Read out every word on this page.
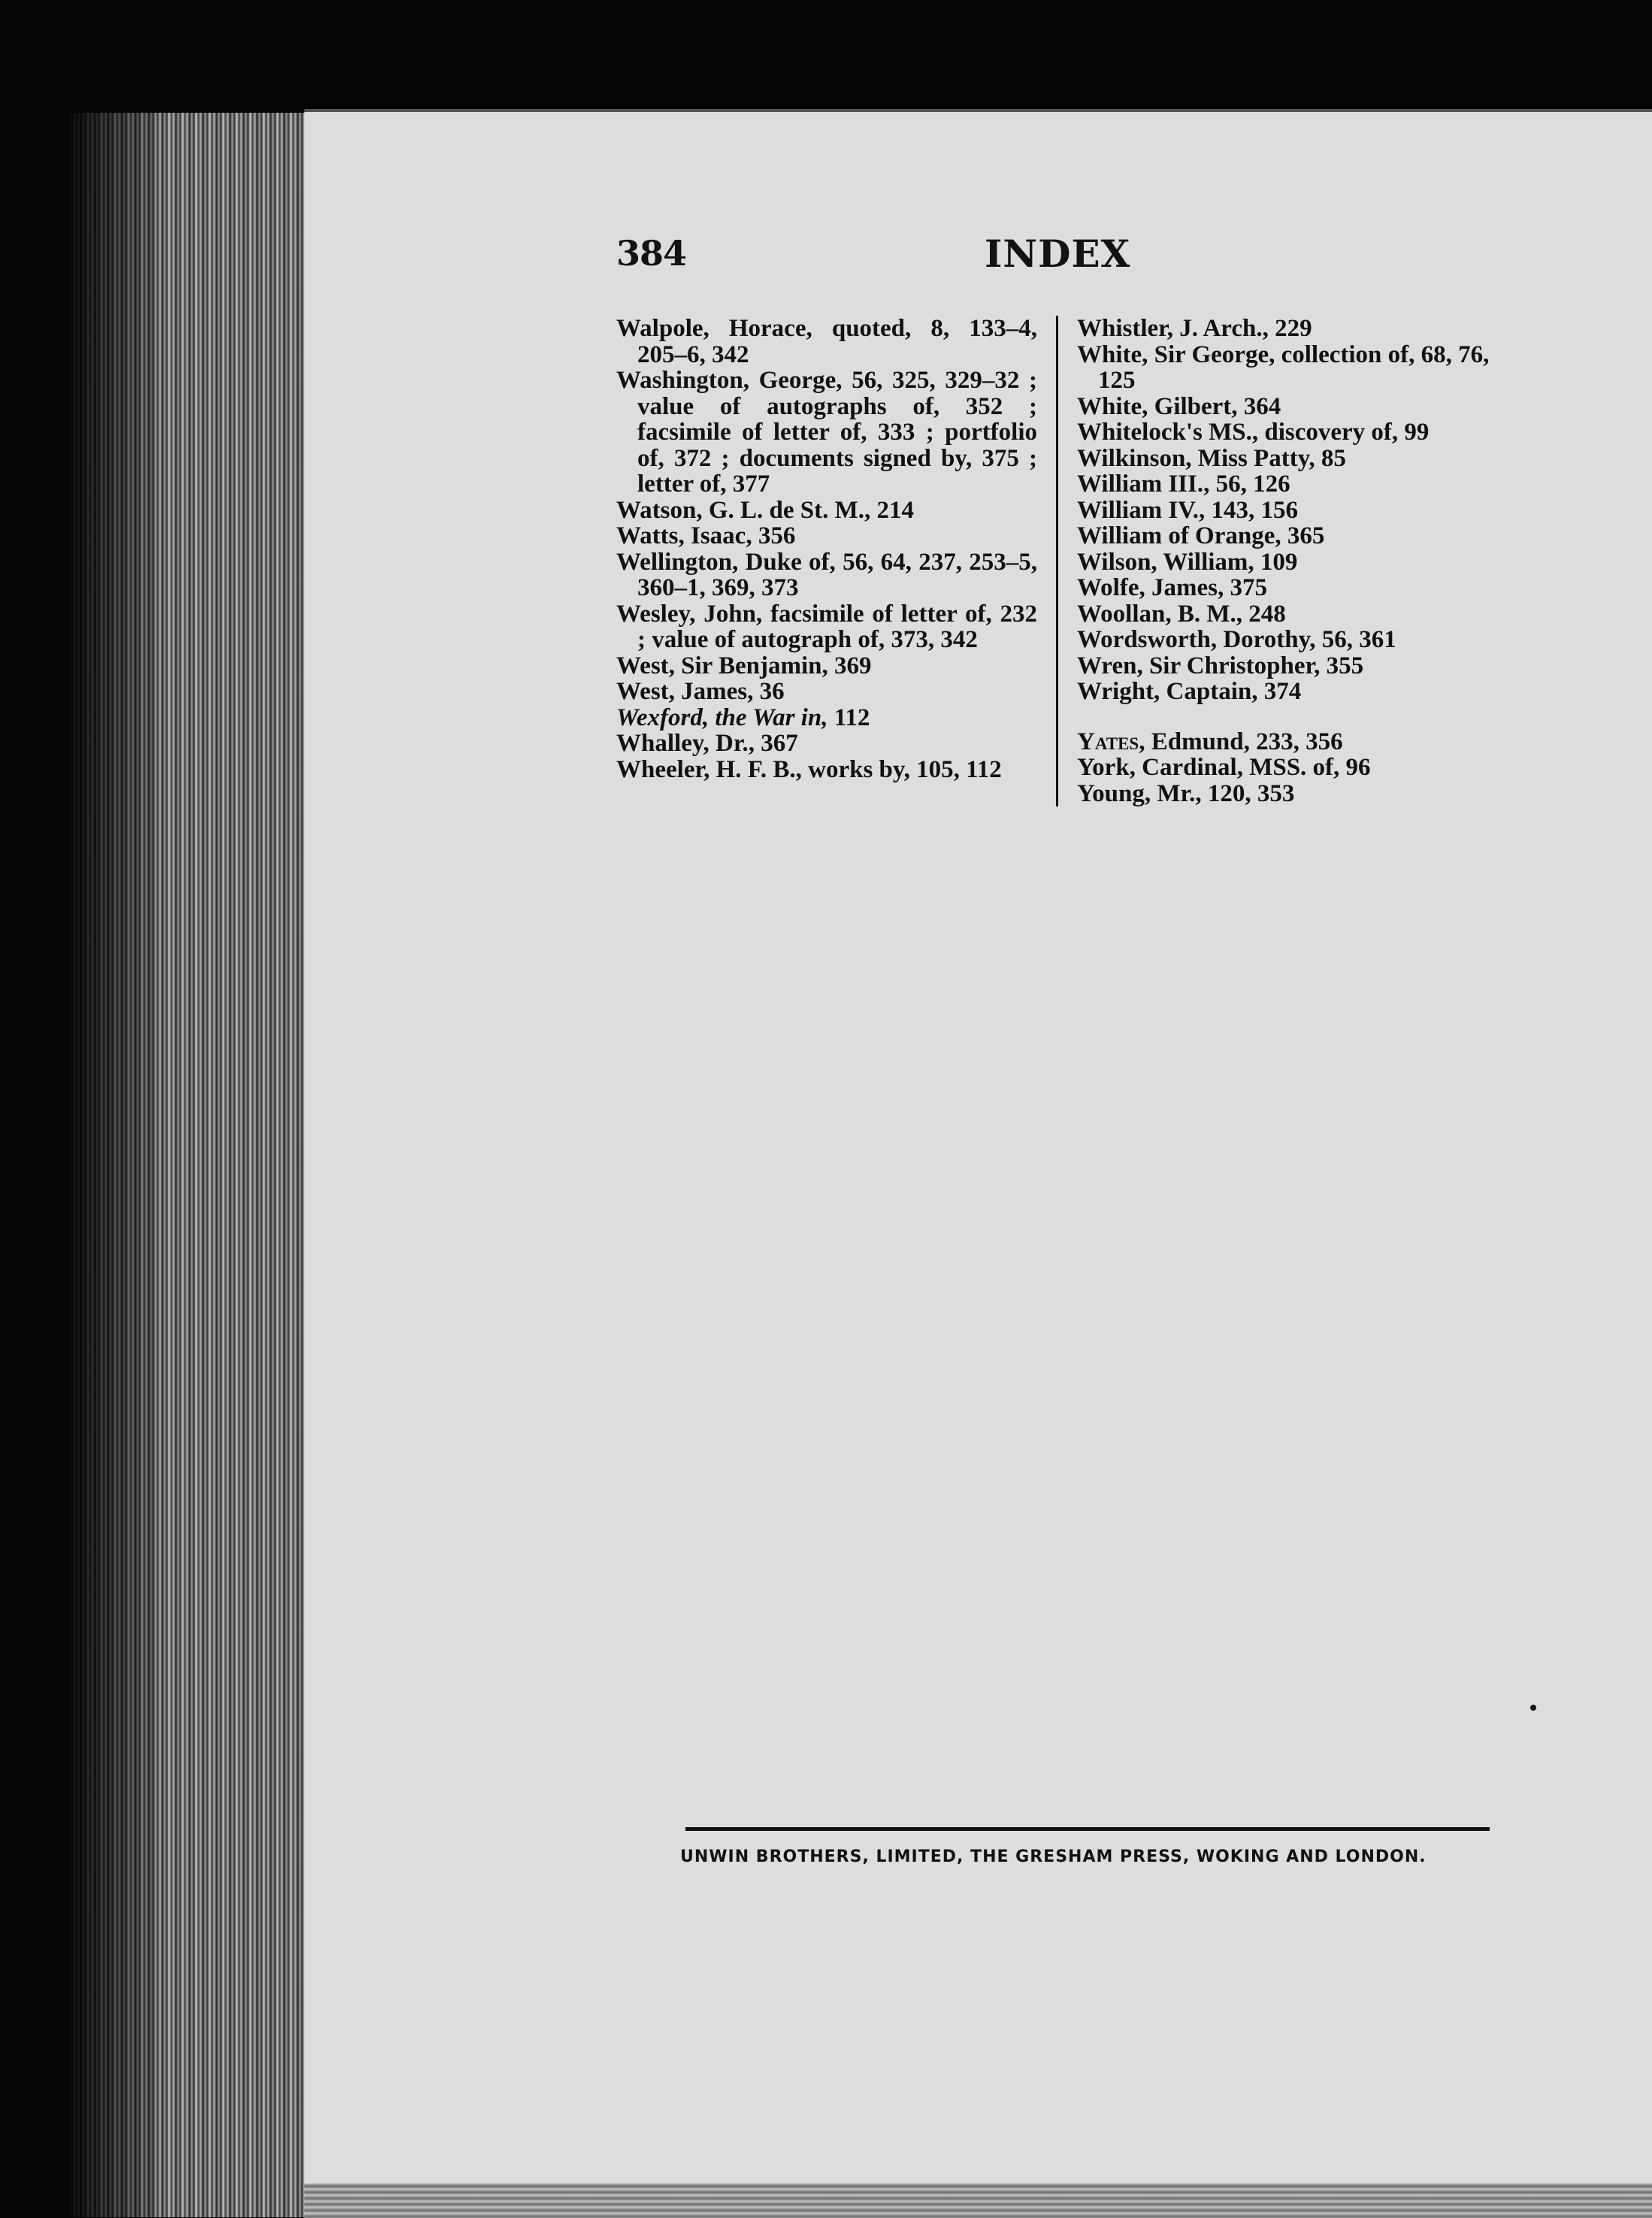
384	INDEX

Walpole, Horace, quoted, 8, 133–4, 205–6, 342

Washington, George, 56, 325, 329–32 ; value of autographs of, 352 ; facsimile of letter of, 333 ; portfolio of, 372 ; documents signed by, 375 ; letter of, 377

Watson, G. L. de St. M., 214

Watts, Isaac, 356

Wellington, Duke of, 56, 64, 237, 253–5, 360–1, 369, 373

Wesley, John, facsimile of letter of, 232 ; value of autograph of, 373, 342

West, Sir Benjamin, 369

West, James, 36

Wexford, the War in, 112

Whalley, Dr., 367

Wheeler, H. F. B., works by, 105, 112

Whistler, J. Arch., 229

White, Sir George, collection of, 68, 76, 125

White, Gilbert, 364

Whitelock's MS., discovery of, 99

Wilkinson, Miss Patty, 85

William III., 56, 126

William IV., 143, 156

William of Orange, 365

Wilson, William, 109

Wolfe, James, 375

Woollan, B. M., 248

Wordsworth, Dorothy, 56, 361

Wren, Sir Christopher, 355

Wright, Captain, 374

Yates, Edmund, 233, 356

York, Cardinal, MSS. of, 96

Young, Mr., 120, 353

UNWIN BROTHERS, LIMITED, THE GRESHAM PRESS, WOKING AND LONDON.
